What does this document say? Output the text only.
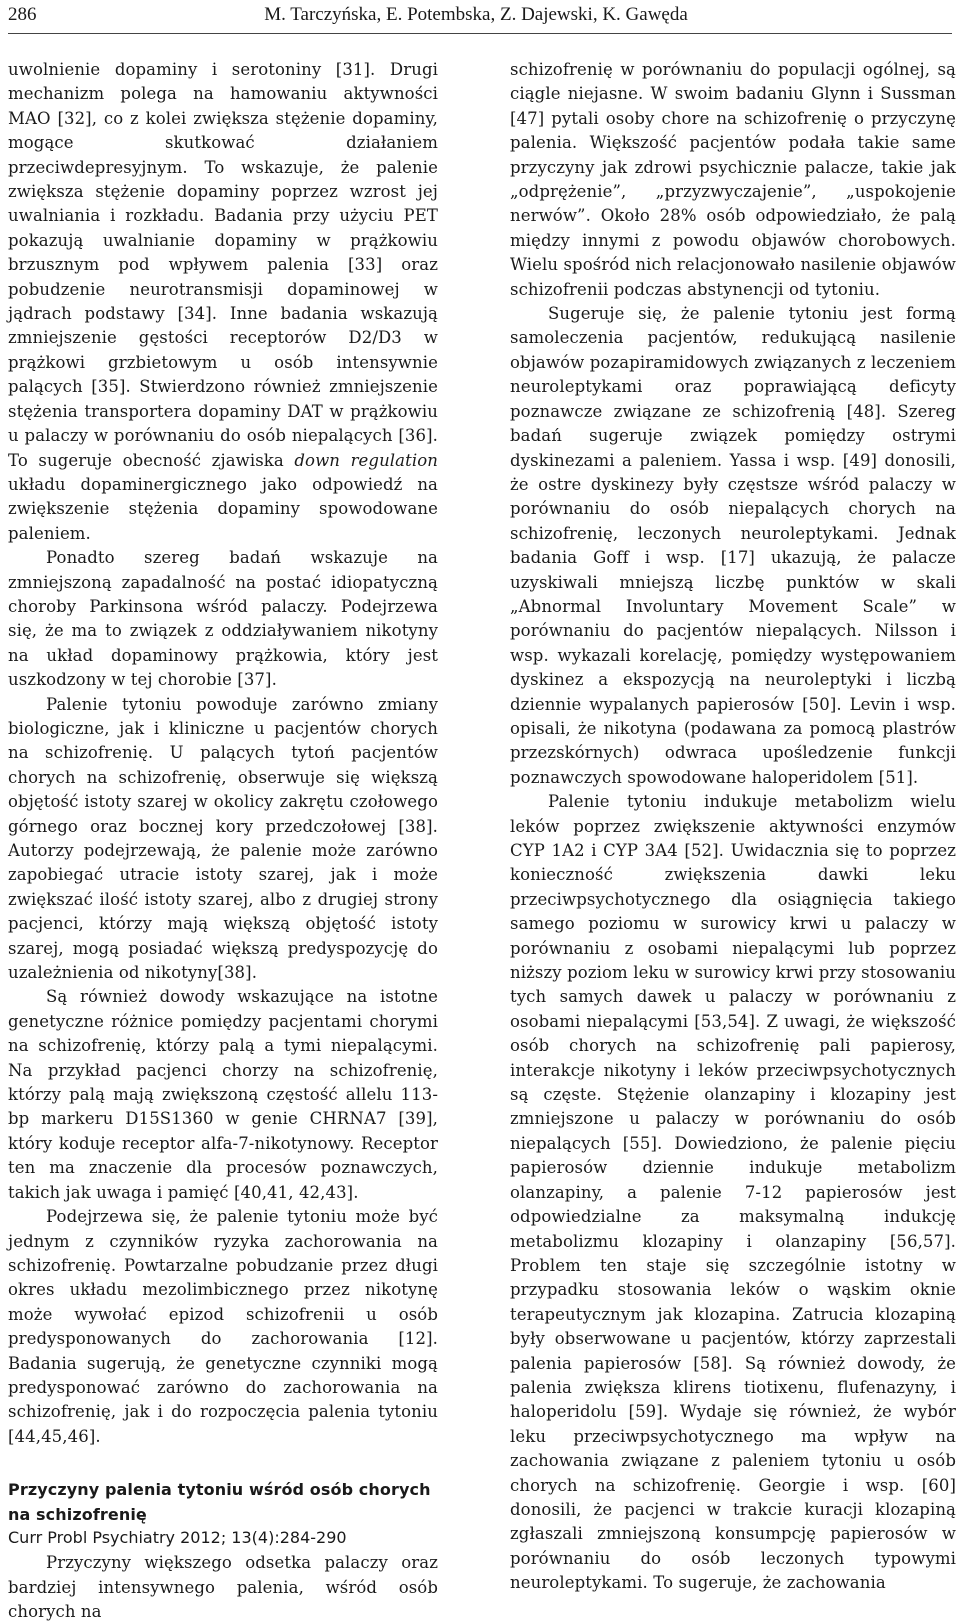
286	M. Tarczyńska, E. Potembska, Z. Dajewski, K. Gawęda

uwolnienie dopaminy i serotoniny [31]. Drugi mechanizm polega na hamowaniu aktywności MAO [32], co z kolei zwiększa stężenie dopaminy, mogące skutkować działaniem przeciwdepresyjnym. To wskazuje, że palenie zwiększa stężenie dopaminy poprzez wzrost jej uwalniania i rozkładu. Badania przy użyciu PET pokazują uwalnianie dopaminy w prążkowiu brzusznym pod wpływem palenia [33] oraz pobudzenie neurotransmisji dopaminowej w jądrach podstawy [34]. Inne badania wskazują zmniejszenie gęstości receptorów D2/D3 w prążkowi grzbietowym u osób intensywnie palących [35]. Stwierdzono również zmniejszenie stężenia transportera dopaminy DAT w prążkowiu u palaczy w porównaniu do osób niepalących [36]. To sugeruje obecność zjawiska down regulation układu dopaminergicznego jako odpowiedź na zwiększenie stężenia dopaminy spowodowane paleniem.

Ponadto szereg badań wskazuje na zmniejszoną zapadalność na postać idiopatyczną choroby Parkinsona wśród palaczy. Podejrzewa się, że ma to związek z oddziaływaniem nikotyny na układ dopaminowy prążkowia, który jest uszkodzony w tej chorobie [37].

Palenie tytoniu powoduje zarówno zmiany biologiczne, jak i kliniczne u pacjentów chorych na schizofrenię. U palących tytoń pacjentów chorych na schizofrenię, obserwuje się większą objętość istoty szarej w okolicy zakrętu czołowego górnego oraz bocznej kory przedczołowej [38]. Autorzy podejrzewają, że palenie może zarówno zapobiegać utracie istoty szarej, jak i może zwiększać ilość istoty szarej, albo z drugiej strony pacjenci, którzy mają większą objętość istoty szarej, mogą posiadać większą predyspozycję do uzależnienia od nikotyny[38].

Są również dowody wskazujące na istotne genetyczne różnice pomiędzy pacjentami chorymi na schizofrenię, którzy palą a tymi niepalącymi. Na przykład pacjenci chorzy na schizofrenię, którzy palą mają zwiększoną częstość allelu 113-bp markeru D15S1360 w genie CHRNA7 [39], który koduje receptor alfa-7-nikotynowy. Receptor ten ma znaczenie dla procesów poznawczych, takich jak uwaga i pamięć [40,41, 42,43].

Podejrzewa się, że palenie tytoniu może być jednym z czynników ryzyka zachorowania na schizofrenię. Powtarzalne pobudzanie przez długi okres układu mezolimbicznego przez nikotynę może wywołać epizod schizofrenii u osób predysponowanych do zachorowania [12]. Badania sugerują, że genetyczne czynniki mogą predysponować zarówno do zachorowania na schizofrenię, jak i do rozpoczęcia palenia tytoniu [44,45,46].

Przyczyny palenia tytoniu wśród osób chorych na schizofrenię

Przyczyny większego odsetka palaczy oraz bardziej intensywnego palenia, wśród osób chorych na

schizofrenię w porównaniu do populacji ogólnej, są ciągle niejasne. W swoim badaniu Glynn i Sussman [47] pytali osoby chore na schizofrenię o przyczynę palenia. Większość pacjentów podała takie same przyczyny jak zdrowi psychicznie palacze, takie jak „odprężenie”, „przyzwyczajenie”, „uspokojenie nerwów”. Około 28% osób odpowiedziało, że palą między innymi z powodu objawów chorobowych. Wielu spośród nich relacjonowało nasilenie objawów schizofrenii podczas abstynencji od tytoniu.

Sugeruje się, że palenie tytoniu jest formą samoleczenia pacjentów, redukującą nasilenie objawów pozapiramidowych związanych z leczeniem neuroleptykami oraz poprawiającą deficyty poznawcze związane ze schizofrenią [48]. Szereg badań sugeruje związek pomiędzy ostrymi dyskinezami a paleniem. Yassa i wsp. [49] donosili, że ostre dyskinezy były częstsze wśród palaczy w porównaniu do osób niepalących chorych na schizofrenię, leczonych neuroleptykami. Jednak badania Goff i wsp. [17] ukazują, że palacze uzyskiwali mniejszą liczbę punktów w skali „Abnormal Involuntary Movement Scale” w porównaniu do pacjentów niepalących. Nilsson i wsp. wykazali korelację, pomiędzy występowaniem dyskinez a ekspozycją na neuroleptyki i liczbą dziennie wypalanych papierosów [50]. Levin i wsp. opisali, że nikotyna (podawana za pomocą plastrów przezskórnych) odwraca upośledzenie funkcji poznawczych spowodowane haloperidolem [51].

Palenie tytoniu indukuje metabolizm wielu leków poprzez zwiększenie aktywności enzymów CYP 1A2 i CYP 3A4 [52]. Uwidacznia się to poprzez konieczność zwiększenia dawki leku przeciwpsychotycznego dla osiągnięcia takiego samego poziomu w surowicy krwi u palaczy w porównaniu z osobami niepalącymi lub poprzez niższy poziom leku w surowicy krwi przy stosowaniu tych samych dawek u palaczy w porównaniu z osobami niepalącymi [53,54]. Z uwagi, że większość osób chorych na schizofrenię pali papierosy, interakcje nikotyny i leków przeciwpsychotycznych są częste. Stężenie olanzapiny i klozapiny jest zmniejszone u palaczy w porównaniu do osób niepalących [55]. Dowiedziono, że palenie pięciu papierosów dziennie indukuje metabolizm olanzapiny, a palenie 7-12 papierosów jest odpowiedzialne za maksymalną indukcję metabolizmu klozapiny i olanzapiny [56,57]. Problem ten staje się szczególnie istotny w przypadku stosowania leków o wąskim oknie terapeutycznym jak klozapina. Zatrucia klozapiną były obserwowane u pacjentów, którzy zaprzestali palenia papierosów [58]. Są również dowody, że palenia zwiększa klirens tiotixenu, flufenazyny, i haloperidolu [59]. Wydaje się również, że wybór leku przeciwpsychotycznego ma wpływ na zachowania związane z paleniem tytoniu u osób chorych na schizofrenię. Georgie i wsp. [60] donosili, że pacjenci w trakcie kuracji klozapiną zgłaszali zmniejszoną konsumpcję papierosów w porównaniu do osób leczonych typowymi neuroleptykami. To sugeruje, że zachowania

Curr Probl Psychiatry 2012; 13(4):284-290
